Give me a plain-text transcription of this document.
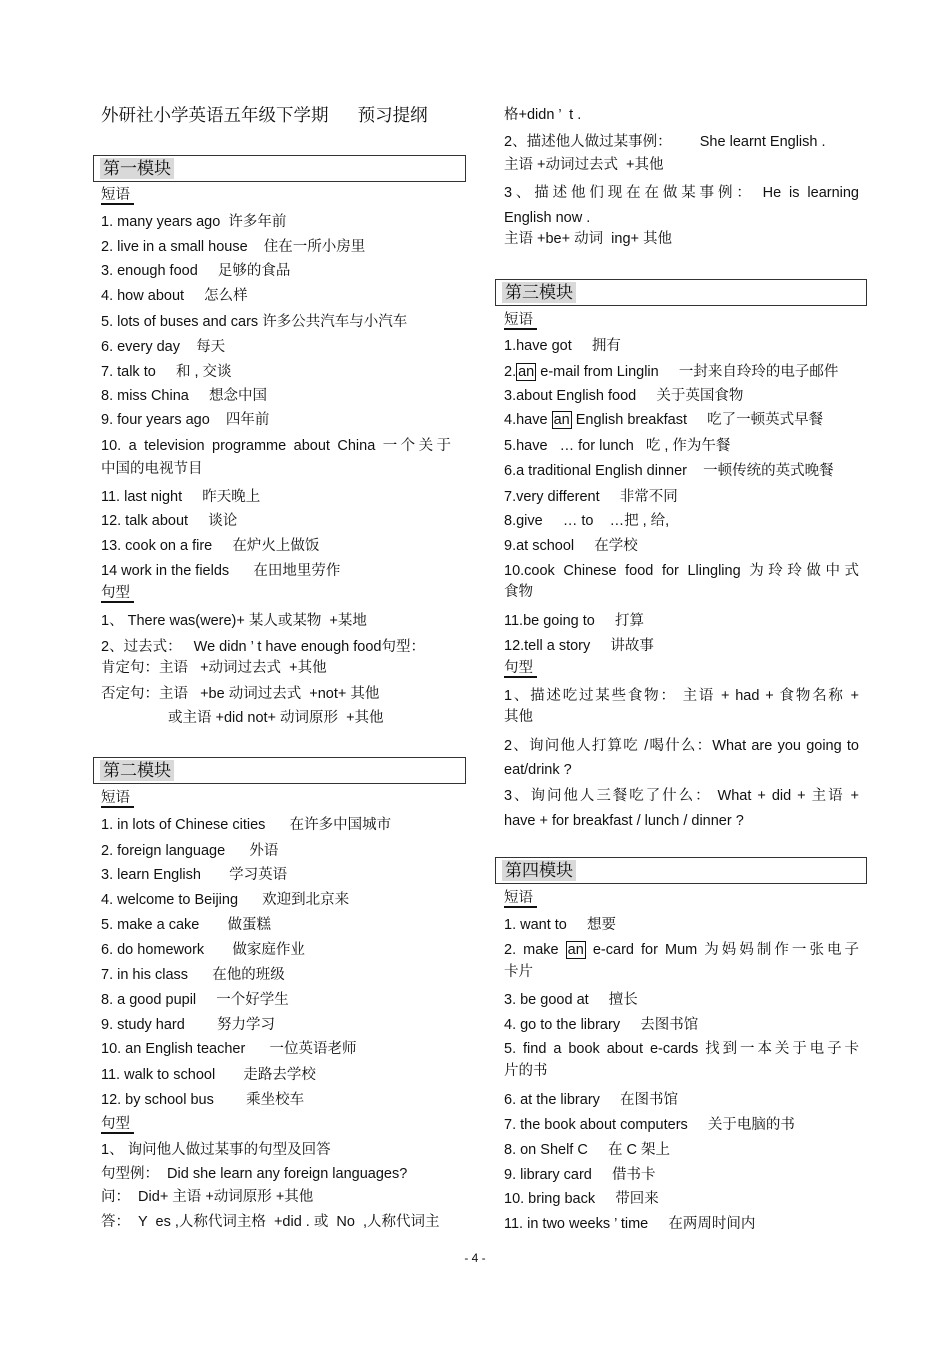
外研社小学英语五年级下学期      预习提纲
- 4 -
第一模块
短语
1. many years ago  许多年前
2. live in a small house    住在一所小房里
3. enough food     足够的食品
4. how about     怎么样
5. lots of buses and cars 许多公共汽车与小汽车
6. every day    每天
7. talk to     和 , 交谈
8. miss China     想念中国
9. four years ago    四年前
10. a television programme about China 一个关于
中国的电视节目
11. last night     昨天晚上
12. talk about     谈论
13. cook on a fire     在炉火上做饭
14 work in the fields      在田地里劳作
句型
1、 There was(were)+ 某人或某物  +某地
2、过去式：   We didn ’ t have enough food句型：
肯定句：主语   +动词过去式  +其他
否定句：主语   +be 动词过去式  +not+ 其他
或主语 +did not+ 动词原形  +其他
第二模块
短语
1. in lots of Chinese cities      在许多中国城市
2. foreign language      外语
3. learn English       学习英语
4. welcome to Beijing      欢迎到北京来
5. make a cake       做蛋糕
6. do homework       做家庭作业
7. in his class      在他的班级
8. a good pupil     一个好学生
9. study hard        努力学习
10. an English teacher      一位英语老师
11. walk to school       走路去学校
12. by school bus        乘坐校车
句型
1、 询问他人做过某事的句型及回答
句型例：  Did she learn any foreign languages?
问：  Did+ 主语 +动词原形 +其他
答：  Y  es ,人称代词主格  +did . 或  No  ,人称代词主
格+didn ’  t .
2、描述他人做过某事例：       She learnt English .
主语 +动词过去式  +其他
3、描述他们现在在做某事例： He is learning
English now .
主语 +be+ 动词  ing+ 其他
第三模块
短语
1.have got     拥有
2. an e-mail from Linglin     一封来自玲玲的电子邮件
3.about English food     关于英国食物
4.have an English breakfast     吃了一顿英式早餐
5.have   … for lunch   吃 , 作为午餐
6.a traditional English dinner    一顿传统的英式晚餐
7.very different     非常不同
8.give     … to    …把 , 给,
9.at school     在学校
10.cook Chinese food for Llingling 为玲玲做中式
食物
11.be going to     打算
12.tell a story     讲故事
句型
1、描述吃过某些食物： 主语 + had + 食物名称 +
其他
2、询问他人打算吃 /喝什么：What are you going to
eat/drink ?
3、询问他人三餐吃了什么： What + did + 主语 +
have + for breakfast / lunch / dinner ?
第四模块
短语
1. want to     想要
2. make an e-card for Mum 为妈妈制作一张电子
卡片
3. be good at     擅长
4. go to the library     去图书馆
5. find a book about e-cards 找到一本关于电子卡
片的书
6. at the library     在图书馆
7. the book about computers     关于电脑的书
8. on Shelf C     在 C 架上
9. library card     借书卡
10. bring back     带回来
11. in two weeks ’ time     在两周时间内
